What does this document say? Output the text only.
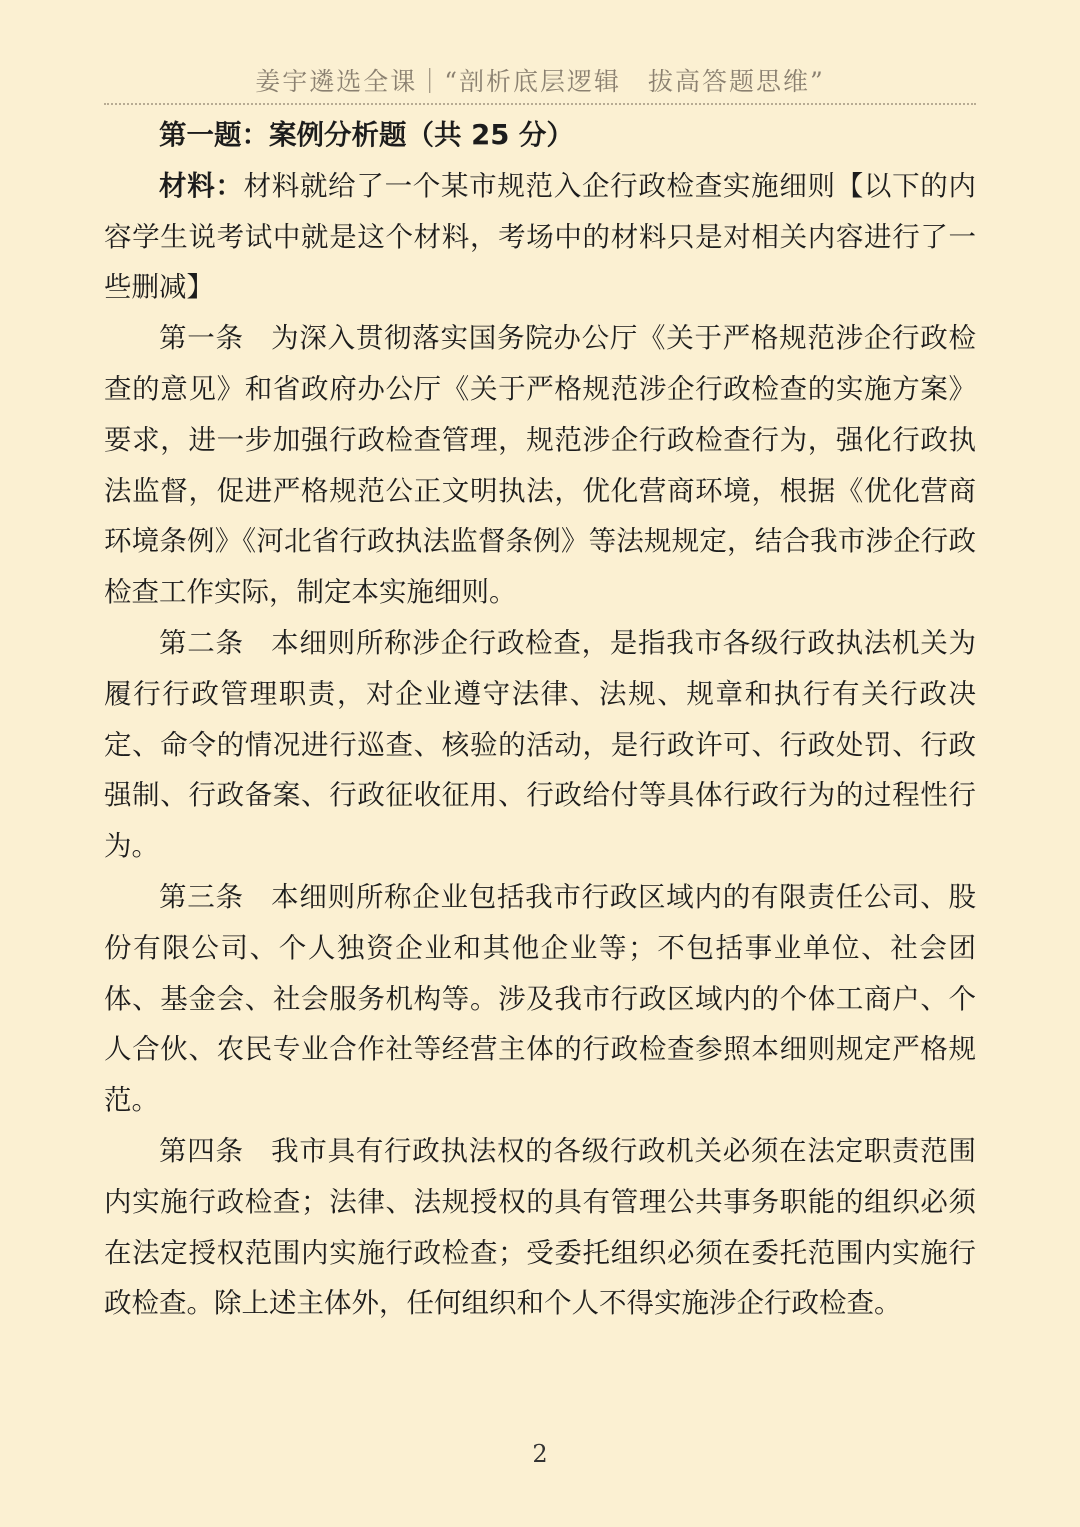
姜宇遴选全课｜“剖析底层逻辑　拔高答题思维”

第一题：案例分析题（共 25 分）

材料：材料就给了一个某市规范入企行政检查实施细则【以下的内容学生说考试中就是这个材料，考场中的材料只是对相关内容进行了一些删减】

第一条 为深入贯彻落实国务院办公厅《关于严格规范涉企行政检查的意见》和省政府办公厅《关于严格规范涉企行政检查的实施方案》要求，进一步加强行政检查管理，规范涉企行政检查行为，强化行政执法监督，促进严格规范公正文明执法，优化营商环境，根据《优化营商环境条例》《河北省行政执法监督条例》等法规规定，结合我市涉企行政检查工作实际，制定本实施细则。

第二条 本细则所称涉企行政检查，是指我市各级行政执法机关为履行行政管理职责，对企业遵守法律、法规、规章和执行有关行政决定、命令的情况进行巡查、核验的活动，是行政许可、行政处罚、行政强制、行政备案、行政征收征用、行政给付等具体行政行为的过程性行为。

第三条 本细则所称企业包括我市行政区域内的有限责任公司、股份有限公司、个人独资企业和其他企业等；不包括事业单位、社会团体、基金会、社会服务机构等。涉及我市行政区域内的个体工商户、个人合伙、农民专业合作社等经营主体的行政检查参照本细则规定严格规范。

第四条 我市具有行政执法权的各级行政机关必须在法定职责范围内实施行政检查；法律、法规授权的具有管理公共事务职能的组织必须在法定授权范围内实施行政检查；受委托组织必须在委托范围内实施行政检查。除上述主体外，任何组织和个人不得实施涉企行政检查。

2
